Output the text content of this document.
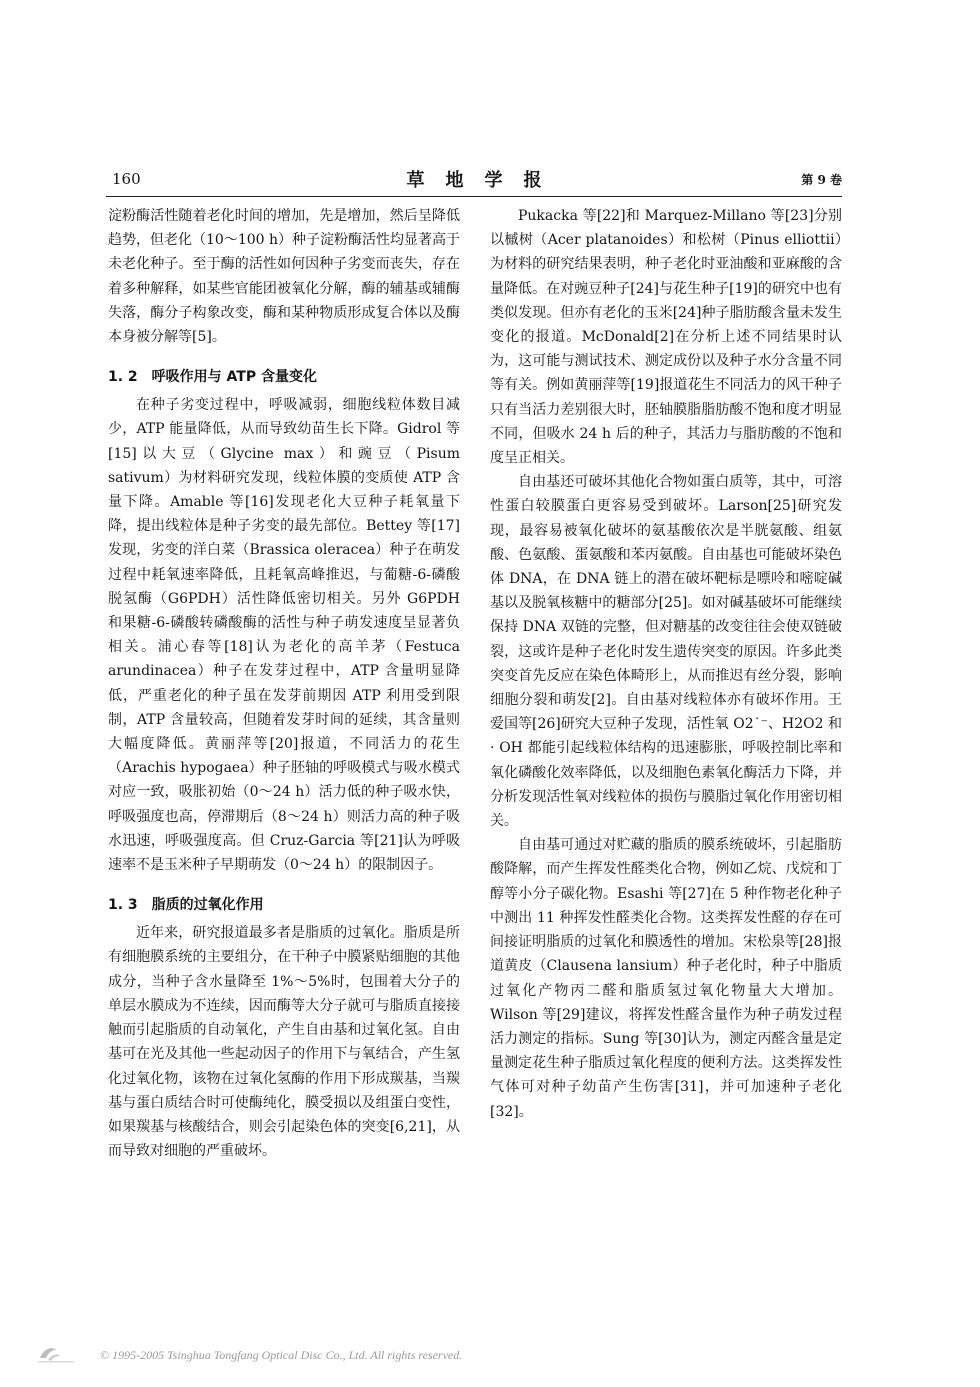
160	草地学报	第 9 卷

淀粉酶活性随着老化时间的增加，先是增加，然后呈降低趋势，但老化（10～100 h）种子淀粉酶活性均显著高于未老化种子。至于酶的活性如何因种子劣变而丧失，存在着多种解释，如某些官能团被氧化分解，酶的辅基或辅酶失落，酶分子构象改变，酶和某种物质形成复合体以及酶本身被分解等[5]。

1. 2　呼吸作用与 ATP 含量变化

在种子劣变过程中，呼吸减弱，细胞线粒体数目减少，ATP 能量降低，从而导致幼苗生长下降。Gidrol 等[15]以大豆（Glycine max）和豌豆（Pisum sativum）为材料研究发现，线粒体膜的变质使 ATP 含量下降。Amable 等[16]发现老化大豆种子耗氧量下降，提出线粒体是种子劣变的最先部位。Bettey 等[17]发现，劣变的洋白菜（Brassica oleracea）种子在萌发过程中耗氧速率降低，且耗氧高峰推迟，与葡糖-6-磷酸脱氢酶（G6PDH）活性降低密切相关。另外 G6PDH 和果糖-6-磷酸转磷酸酶的活性与种子萌发速度呈显著负相关。浦心春等[18]认为老化的高羊茅（Festuca arundinacea）种子在发芽过程中，ATP 含量明显降低，严重老化的种子虽在发芽前期因 ATP 利用受到限制，ATP 含量较高，但随着发芽时间的延续，其含量则大幅度降低。黄丽萍等[20]报道，不同活力的花生（Arachis hypogaea）种子胚轴的呼吸模式与吸水模式对应一致，吸胀初始（0～24 h）活力低的种子吸水快，呼吸强度也高，停滞期后（8～24 h）则活力高的种子吸水迅速，呼吸强度高。但 Cruz-Garcia 等[21]认为呼吸速率不是玉米种子早期萌发（0～24 h）的限制因子。

1. 3　脂质的过氧化作用

近年来，研究报道最多者是脂质的过氧化。脂质是所有细胞膜系统的主要组分，在干种子中膜紧贴细胞的其他成分，当种子含水量降至 1%～5%时，包围着大分子的单层水膜成为不连续，因而酶等大分子就可与脂质直接接触而引起脂质的自动氧化，产生自由基和过氧化氢。自由基可在光及其他一些起动因子的作用下与氧结合，产生氢化过氧化物，该物在过氧化氢酶的作用下形成羰基，当羰基与蛋白质结合时可使酶纯化，膜受损以及组蛋白变性，如果羰基与核酸结合，则会引起染色体的突变[6,21]，从而导致对细胞的严重破坏。

Pukacka 等[22]和 Marquez-Millano 等[23]分别以槭树（Acer platanoides）和松树（Pinus elliottii）为材料的研究结果表明，种子老化时亚油酸和亚麻酸的含量降低。在对豌豆种子[24]与花生种子[19]的研究中也有类似发现。但亦有老化的玉米[24]种子脂肪酸含量未发生变化的报道。McDonald[2]在分析上述不同结果时认为，这可能与测试技术、测定成份以及种子水分含量不同等有关。例如黄丽萍等[19]报道花生不同活力的风干种子只有当活力差别很大时，胚轴膜脂脂肪酸不饱和度才明显不同，但吸水 24 h 后的种子，其活力与脂肪酸的不饱和度呈正相关。

自由基还可破坏其他化合物如蛋白质等，其中，可溶性蛋白较膜蛋白更容易受到破坏。Larson[25]研究发现，最容易被氧化破坏的氨基酸依次是半胱氨酸、组氨酸、色氨酸、蛋氨酸和苯丙氨酸。自由基也可能破坏染色体 DNA，在 DNA 链上的潜在破坏靶标是嘌呤和嘧啶碱基以及脱氧核糖中的糖部分[25]。如对碱基破坏可能继续保持 DNA 双链的完整，但对糖基的改变往往会使双链破裂，这或许是种子老化时发生遗传突变的原因。许多此类突变首先反应在染色体畸形上，从而推迟有丝分裂，影响细胞分裂和萌发[2]。自由基对线粒体亦有破坏作用。王爱国等[26]研究大豆种子发现，活性氧 O2˙⁻、H2O2 和 · OH 都能引起线粒体结构的迅速膨胀，呼吸控制比率和氧化磷酸化效率降低，以及细胞色素氧化酶活力下降，并分析发现活性氧对线粒体的损伤与膜脂过氧化作用密切相关。

自由基可通过对贮藏的脂质的膜系统破坏，引起脂肪酸降解，而产生挥发性醛类化合物，例如乙烷、戊烷和丁醇等小分子碳化物。Esashi 等[27]在 5 种作物老化种子中测出 11 种挥发性醛类化合物。这类挥发性醛的存在可间接证明脂质的过氧化和膜透性的增加。宋松泉等[28]报道黄皮（Clausena lansium）种子老化时，种子中脂质过氧化产物丙二醛和脂质氢过氧化物量大大增加。Wilson 等[29]建议，将挥发性醛含量作为种子萌发过程活力测定的指标。Sung 等[30]认为，测定丙醛含量是定量测定花生种子脂质过氧化程度的便利方法。这类挥发性气体可对种子幼苗产生伤害[31]，并可加速种子老化[32]。

© 1995-2005 Tsinghua Tongfang Optical Disc Co., Ltd. All rights reserved.
